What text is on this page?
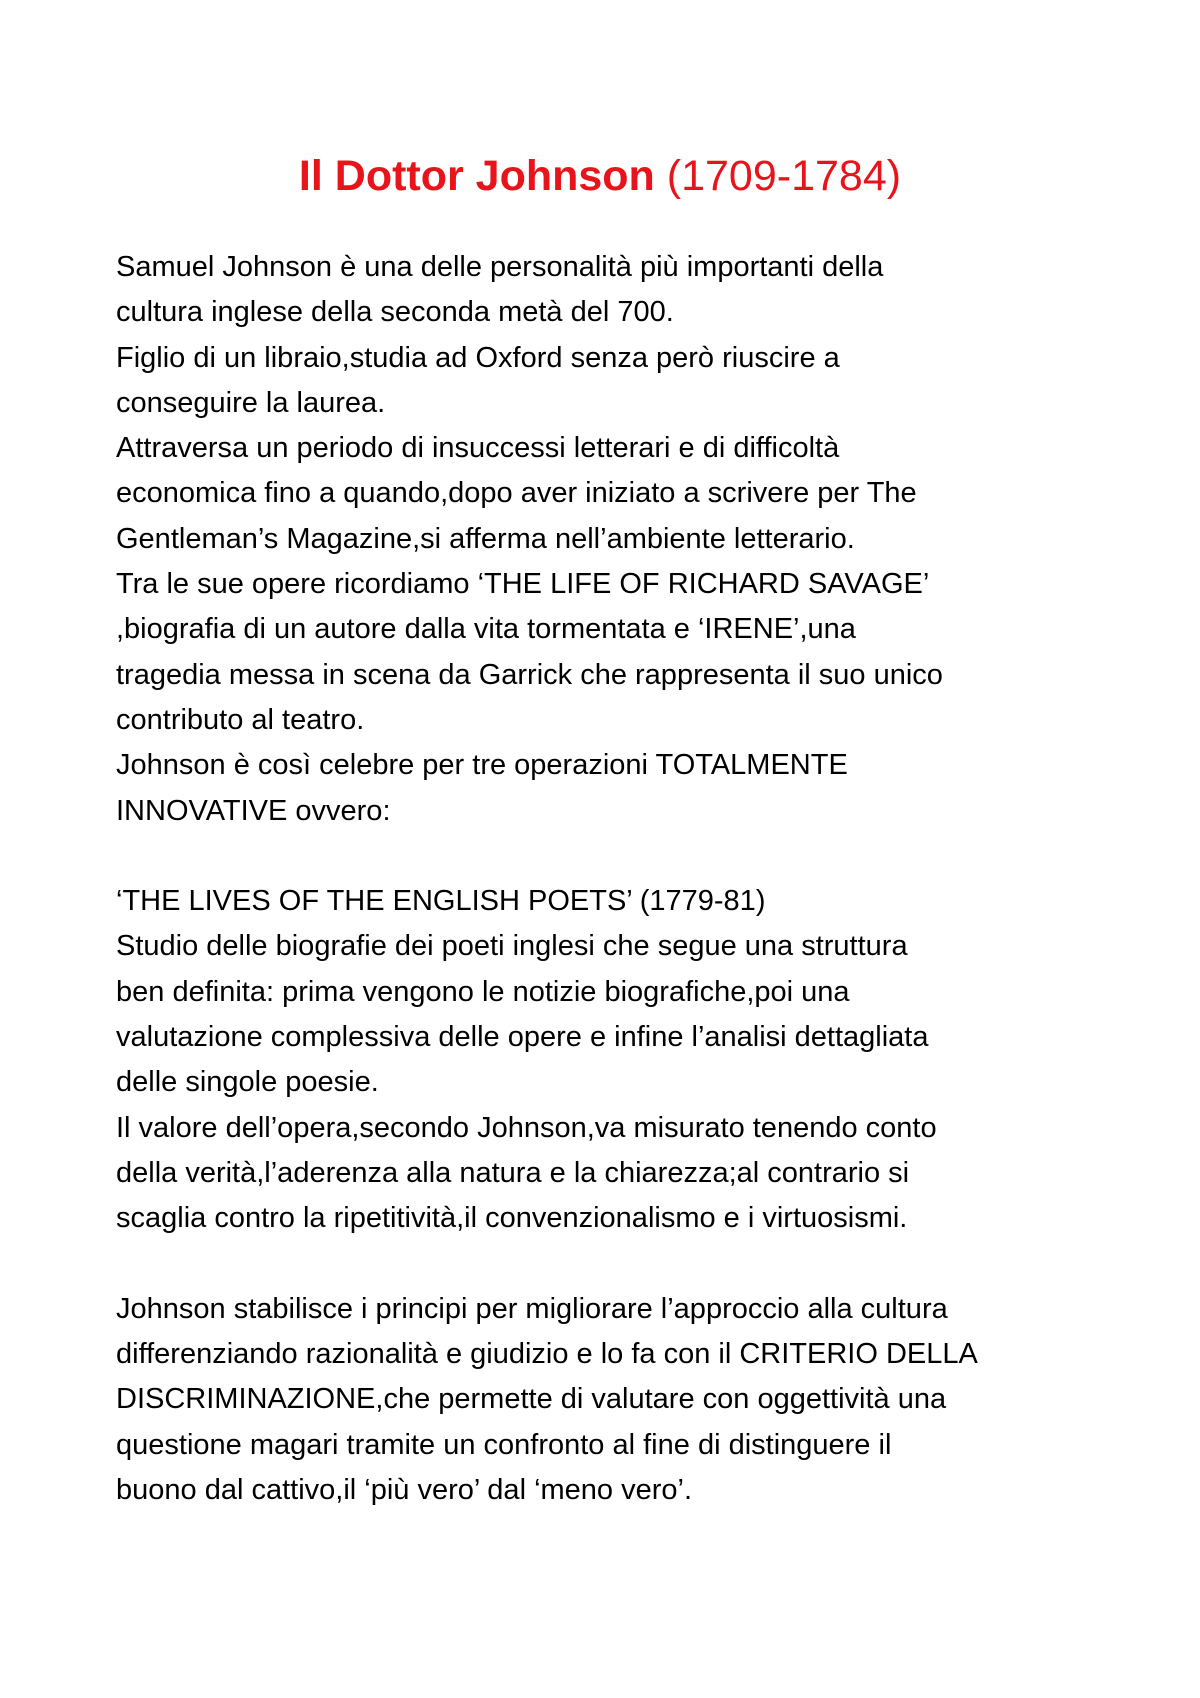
Il Dottor Johnson (1709-1784)
Samuel Johnson è una delle personalità più importanti della
cultura inglese della seconda metà del 700.
Figlio di un libraio,studia ad Oxford senza però riuscire a
conseguire la laurea.
Attraversa un periodo di insuccessi letterari e di difficoltà
economica fino a quando,dopo aver iniziato a scrivere per The
Gentleman’s Magazine,si afferma nell’ambiente letterario.
Tra le sue opere ricordiamo ‘THE LIFE OF RICHARD SAVAGE’
,biografia di un autore dalla vita tormentata e ‘IRENE’,una
tragedia messa in scena da Garrick che rappresenta il suo unico
contributo al teatro.
Johnson è così celebre per tre operazioni TOTALMENTE
INNOVATIVE ovvero:
‘THE LIVES OF THE ENGLISH POETS’ (1779-81)
Studio delle biografie dei poeti inglesi che segue una struttura
ben definita: prima vengono le notizie biografiche,poi una
valutazione complessiva delle opere e infine l’analisi dettagliata
delle singole poesie.
Il valore dell’opera,secondo Johnson,va misurato tenendo conto
della verità,l’aderenza alla natura e la chiarezza;al contrario si
scaglia contro la ripetitività,il convenzionalismo e i virtuosismi.
Johnson stabilisce i principi per migliorare l’approccio alla cultura
differenziando razionalità e giudizio e lo fa con il CRITERIO DELLA
DISCRIMINAZIONE,che permette di valutare con oggettività una
questione magari tramite un confronto al fine di distinguere il
buono dal cattivo,il ‘più vero’ dal ‘meno vero’.
